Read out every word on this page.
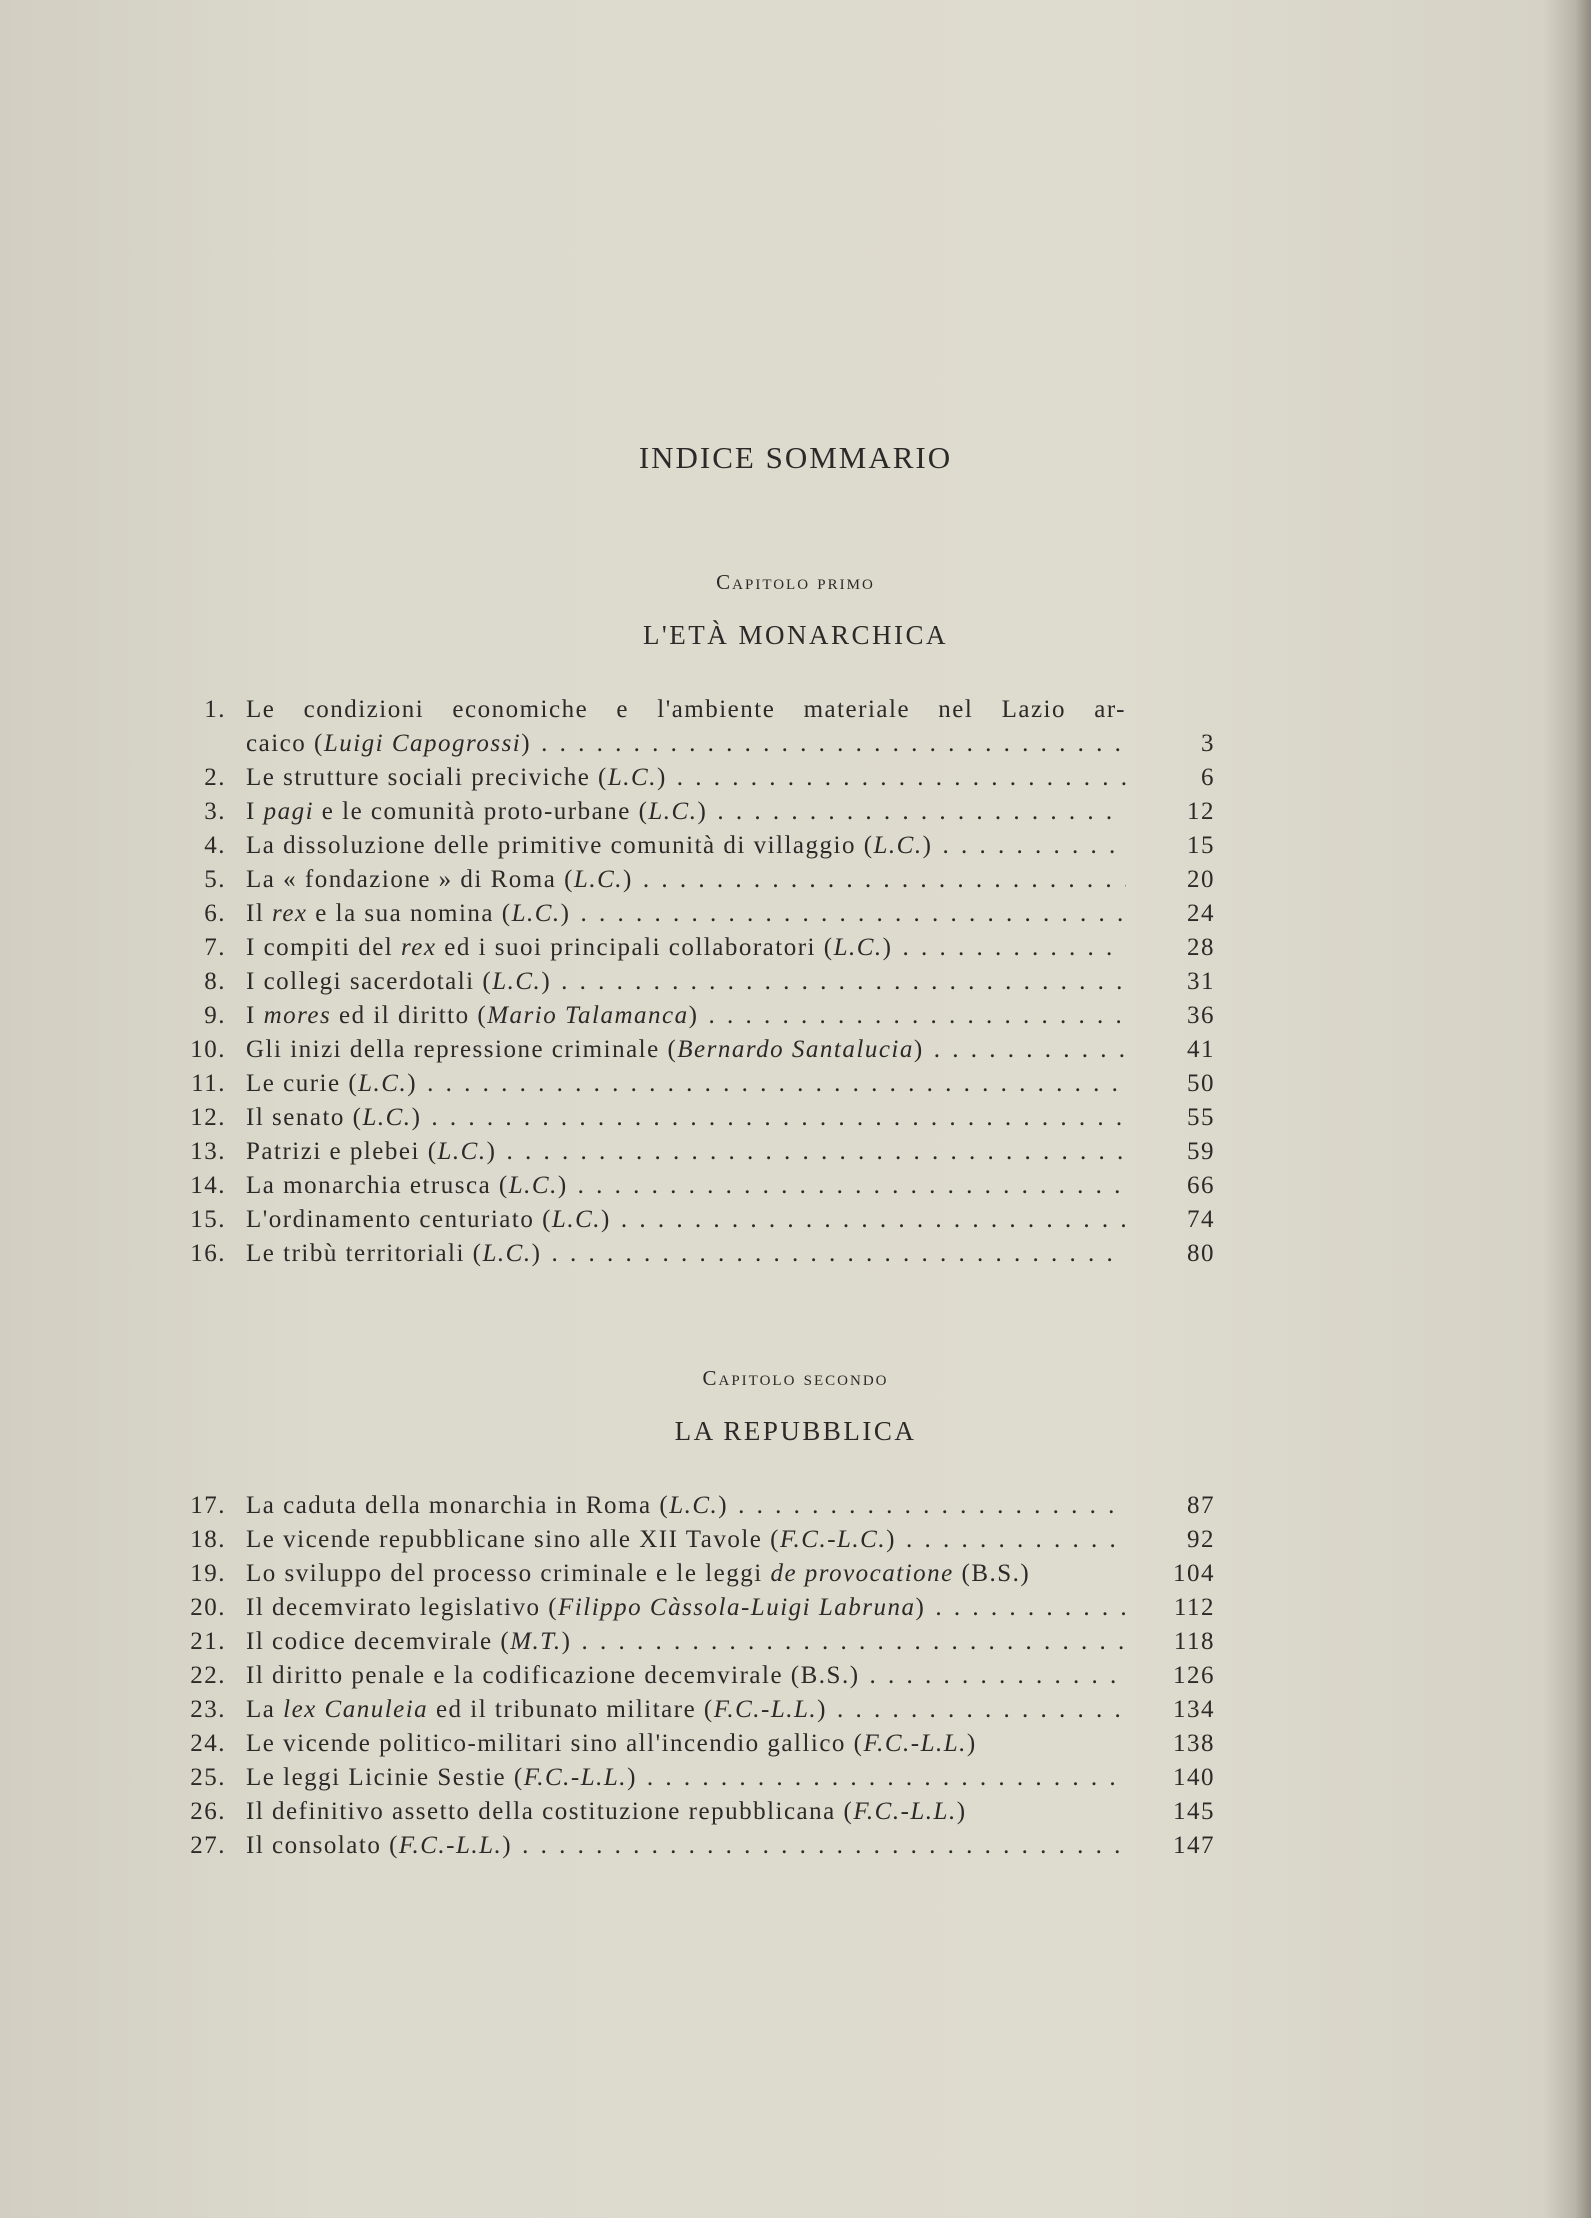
INDICE SOMMARIO
Capitolo primo
L'ETÀ MONARCHICA
1. Le condizioni economiche e l'ambiente materiale nel Lazio ar-
caico (Luigi Capogrossi) . . .	3
2. Le strutture sociali preciviche (L.C.) . . .	6
3. I pagi e le comunità proto-urbane (L.C.) . . .	12
4. La dissoluzione delle primitive comunità di villaggio (L.C.) . . .	15
5. La « fondazione » di Roma (L.C.) . . .	20
6. Il rex e la sua nomina (L.C.) . . .	24
7. I compiti del rex ed i suoi principali collaboratori (L.C.) . . .	28
8. I collegi sacerdotali (L.C.) . . .	31
9. I mores ed il diritto (Mario Talamanca) . . .	36
10. Gli inizi della repressione criminale (Bernardo Santalucia) . . .	41
11. Le curie (L.C.) . . .	50
12. Il senato (L.C.) . . .	55
13. Patrizi e plebei (L.C.) . . .	59
14. La monarchia etrusca (L.C.) . . .	66
15. L'ordinamento centuriato (L.C.) . . .	74
16. Le tribù territoriali (L.C.) . . .	80
Capitolo secondo
LA REPUBBLICA
17. La caduta della monarchia in Roma (L.C.) . . .	87
18. Le vicende repubblicane sino alle XII Tavole (F.C.-L.C.) . . .	92
19. Lo sviluppo del processo criminale e le leggi de provocatione (B.S.)	104
20. Il decemvirato legislativo (Filippo Càssola-Luigi Labruna) . . .	112
21. Il codice decemvirale (M.T.) . . .	118
22. Il diritto penale e la codificazione decemvirale (B.S.) . . .	126
23. La lex Canuleia ed il tribunato militare (F.C.-L.L.) . . .	134
24. Le vicende politico-militari sino all'incendio gallico (F.C.-L.L.)	138
25. Le leggi Licinie Sestie (F.C.-L.L.) . . .	140
26. Il definitivo assetto della costituzione repubblicana (F.C.-L.L.)	145
27. Il consolato (F.C.-L.L.) . . .	147
